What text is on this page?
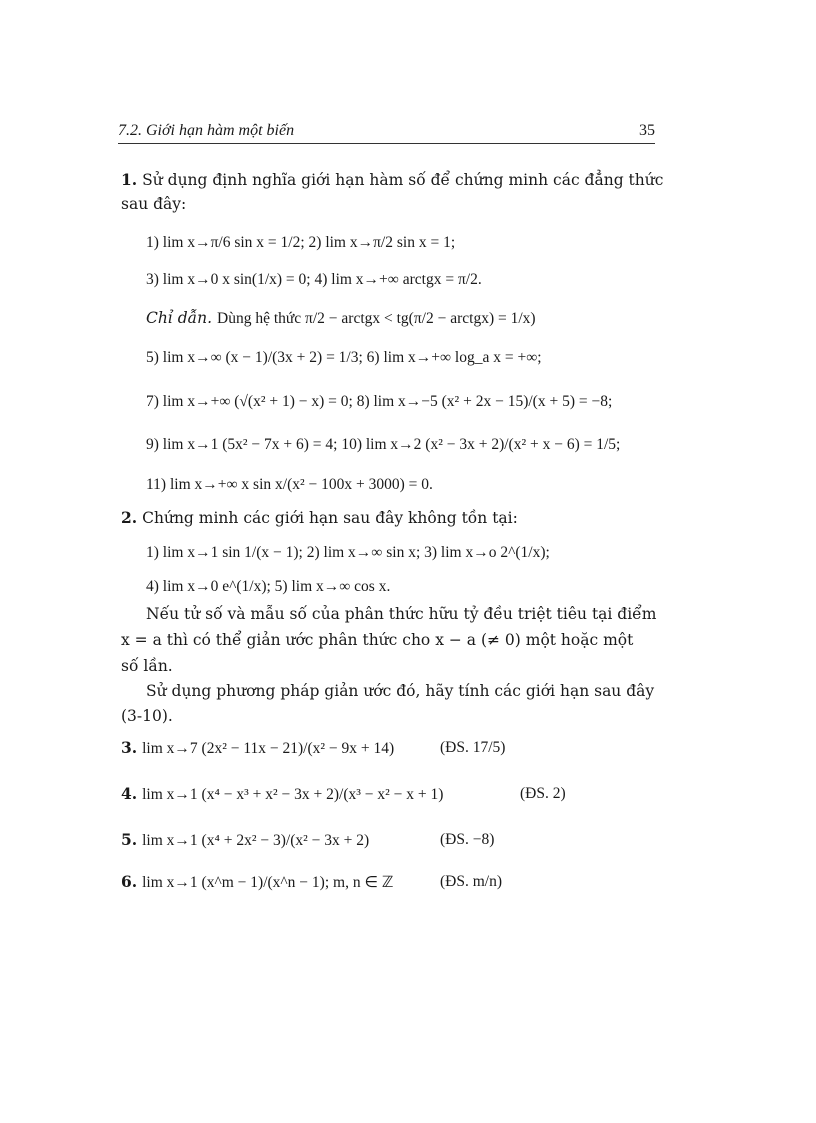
7.2. Giới hạn hàm một biến	35
1. Sử dụng định nghĩa giới hạn hàm số để chứng minh các đẳng thức
sau đây:
1) lim x→π/6 sin x = 1/2; 2) lim x→π/2 sin x = 1;
3) lim x→0 x sin(1/x) = 0; 4) lim x→+∞ arctgx = π/2.
Chỉ dẫn. Dùng hệ thức π/2 − arctgx < tg(π/2 − arctgx) = 1/x)
5) lim x→∞ (x − 1)/(3x + 2) = 1/3; 6) lim x→+∞ log_a x = +∞;
7) lim x→+∞ (√(x² + 1) − x) = 0; 8) lim x→−5 (x² + 2x − 15)/(x + 5) = −8;
9) lim x→1 (5x² − 7x + 6) = 4; 10) lim x→2 (x² − 3x + 2)/(x² + x − 6) = 1/5;
11) lim x→+∞ x sin x/(x² − 100x + 3000) = 0.
2. Chứng minh các giới hạn sau đây không tồn tại:
1) lim x→1 sin 1/(x − 1); 2) lim x→∞ sin x; 3) lim x→o 2^(1/x);
4) lim x→0 e^(1/x); 5) lim x→∞ cos x.
Nếu tử số và mẫu số của phân thức hữu tỷ đều triệt tiêu tại điểm
x = a thì có thể giản ước phân thức cho x − a (≠ 0) một hoặc một
số lần.
Sử dụng phương pháp giản ước đó, hãy tính các giới hạn sau đây
(3-10).
3. lim x→7 (2x² − 11x − 21)/(x² − 9x + 14)	(ĐS. 17/5)
4. lim x→1 (x⁴ − x³ + x² − 3x + 2)/(x³ − x² − x + 1)	(ĐS. 2)
5. lim x→1 (x⁴ + 2x² − 3)/(x² − 3x + 2)	(ĐS. −8)
6. lim x→1 (x^m − 1)/(x^n − 1); m, n ∈ ℤ	(ĐS. m/n)
